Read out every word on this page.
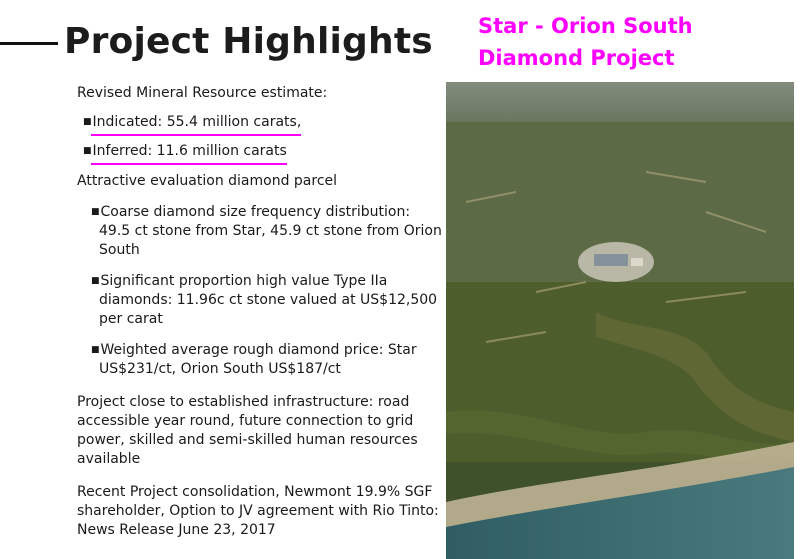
Project Highlights Star - Orion South
Diamond Project

Revised Mineral Resource estimate:

■Indicated: 55.4 million carats,

■Inferred: 11.6 million carats

Attractive evaluation diamond parcel

■Coarse diamond size frequency distribution: 49.5 ct stone from Star, 45.9 ct stone from Orion South

■Significant proportion high value Type IIa diamonds: 11.96c ct stone valued at US$12,500 per carat

■Weighted average rough diamond price: Star US$231/ct, Orion South US$187/ct

Project close to established infrastructure: road accessible year round, future connection to grid power, skilled and semi-skilled human resources available

Recent Project consolidation, Newmont 19.9% SGF shareholder, Option to JV agreement with Rio Tinto: News Release June 23, 2017
